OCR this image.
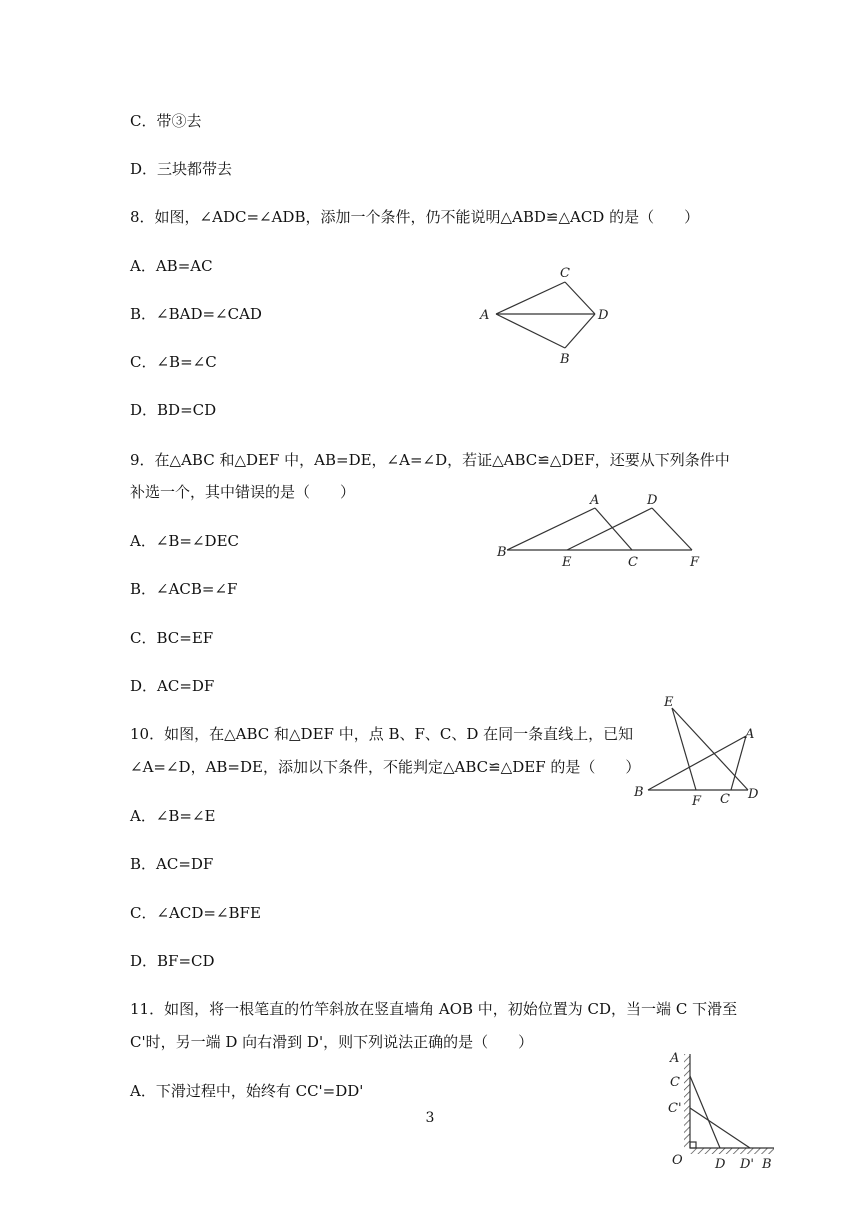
C．带③去
D．三块都带去
8．如图，∠ADC=∠ADB，添加一个条件，仍不能说明△ABD≌△ACD 的是（　　）
A．AB=AC
B．∠BAD=∠CAD
C．∠B=∠C
D．BD=CD
A
C
D
B
9．在△ABC 和△DEF 中，AB=DE，∠A=∠D，若证△ABC≌△DEF，还要从下列条件中
补选一个，其中错误的是（　　）
A．∠B=∠DEC
B．∠ACB=∠F
C．BC=EF
D．AC=DF
A	D
B
E	C	F
10．如图，在△ABC 和△DEF 中，点 B、F、C、D 在同一条直线上，已知
∠A=∠D，AB=DE，添加以下条件，不能判定△ABC≌△DEF 的是（　　）
A．∠B=∠E
B．AC=DF
C．∠ACD=∠BFE
D．BF=CD
E
A
B
F C D
11．如图，将一根笔直的竹竿斜放在竖直墙角 AOB 中，初始位置为 CD，当一端 C 下滑至
C'时，另一端 D 向右滑到 D'，则下列说法正确的是（　　）
A．下滑过程中，始终有 CC'=DD'
A
C
C'
O D D' B
3
